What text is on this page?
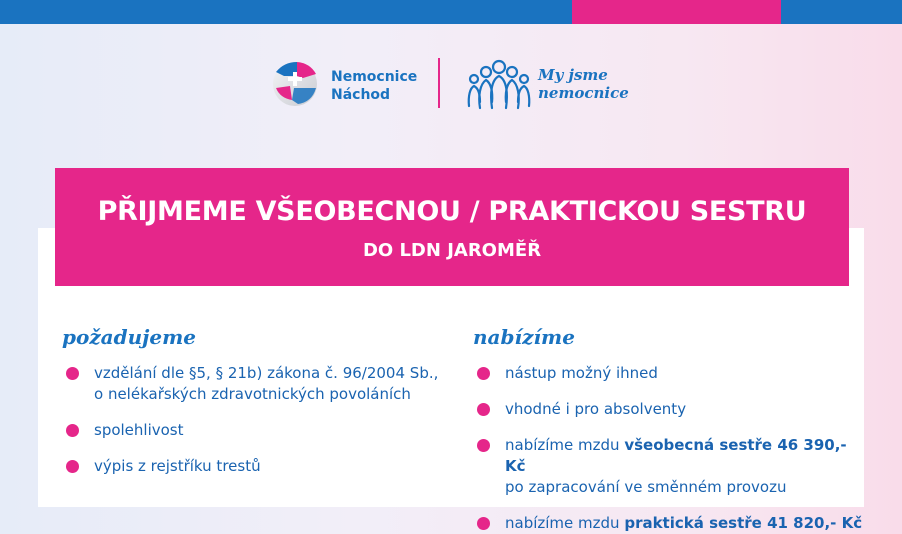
Nemocnice
Náchod
My jsme
nemocnice
PŘIJMEME VŠEOBECNOU / PRAKTICKOU SESTRU
DO LDN JAROMĚŘ
požadujeme
vzdělání dle §5, § 21b) zákona č. 96/2004 Sb.,
o nelékařských zdravotnických povoláních
spolehlivost
výpis z rejstříku trestů
nabízíme
nástup možný ihned
vhodné i pro absolventy
nabízíme mzdu všeobecná sestře 46 390,- Kč
po zapracování ve směnném provozu
nabízíme mzdu praktická sestře 41 820,- Kč
